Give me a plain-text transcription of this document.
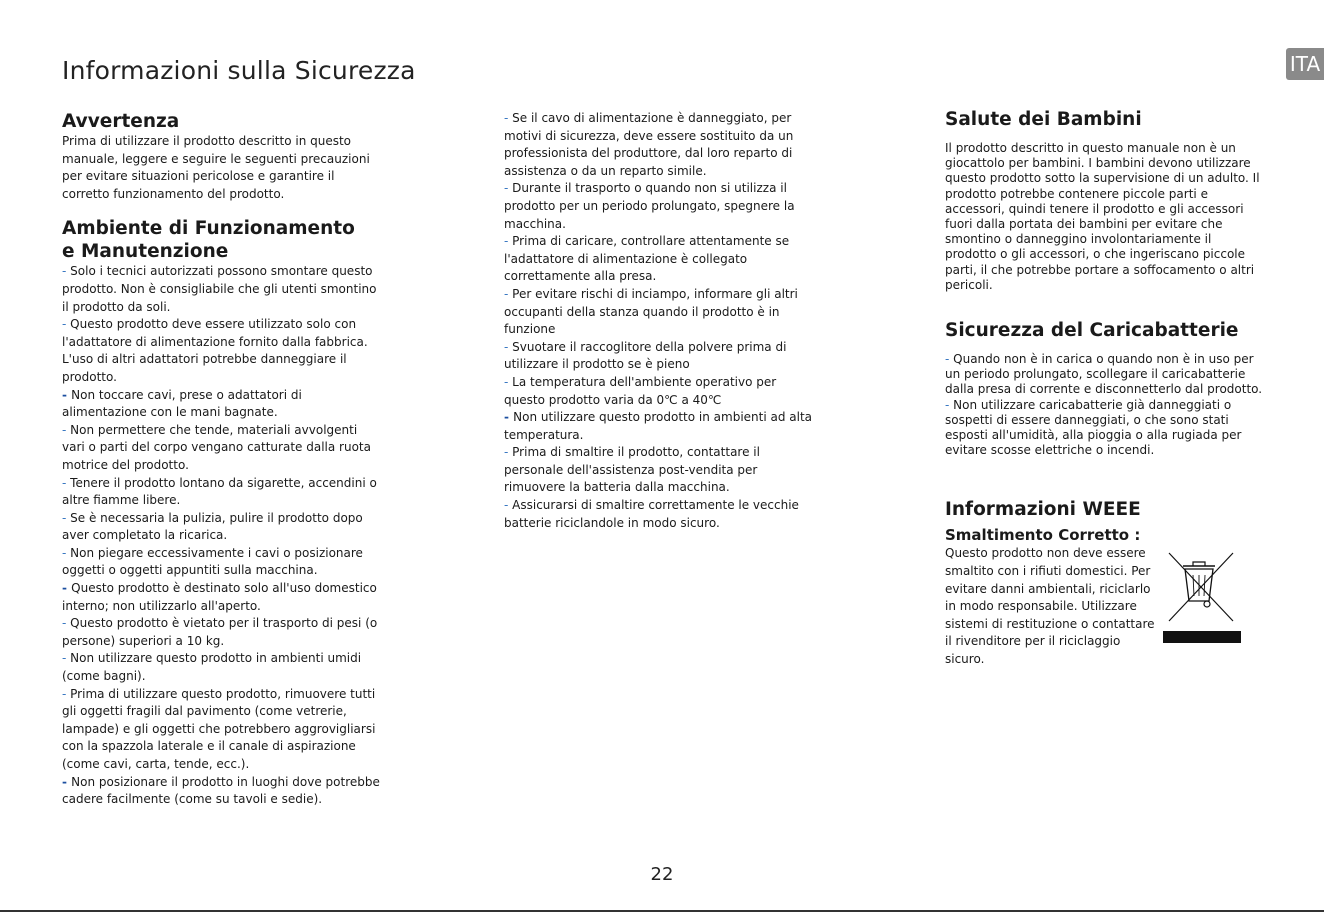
Informazioni sulla Sicurezza	ITA
Avvertenza

Prima di utilizzare il prodotto descritto in questo manuale, leggere e seguire le seguenti precauzioni per evitare situazioni pericolose e garantire il corretto funzionamento del prodotto.

Ambiente di Funzionamento
e Manutenzione
- Solo i tecnici autorizzati possono smontare questo prodotto. Non è consigliabile che gli utenti smontino il prodotto da soli.
- Questo prodotto deve essere utilizzato solo con l'adattatore di alimentazione fornito dalla fabbrica. L'uso di altri adattatori potrebbe danneggiare il prodotto.
- Non toccare cavi, prese o adattatori di alimentazione con le mani bagnate.
- Non permettere che tende, materiali avvolgenti vari o parti del corpo vengano catturate dalla ruota motrice del prodotto.
- Tenere il prodotto lontano da sigarette, accendini o altre fiamme libere.
- Se è necessaria la pulizia, pulire il prodotto dopo aver completato la ricarica.
- Non piegare eccessivamente i cavi o posizionare oggetti o oggetti appuntiti sulla macchina.
- Questo prodotto è destinato solo all'uso domestico interno; non utilizzarlo all'aperto.
- Questo prodotto è vietato per il trasporto di pesi (o persone) superiori a 10 kg.
- Non utilizzare questo prodotto in ambienti umidi (come bagni).
- Prima di utilizzare questo prodotto, rimuovere tutti gli oggetti fragili dal pavimento (come vetrerie, lampade) e gli oggetti che potrebbero aggrovigliarsi con la spazzola laterale e il canale di aspirazione (come cavi, carta, tende, ecc.).
- Non posizionare il prodotto in luoghi dove potrebbe cadere facilmente (come su tavoli e sedie).
- Se il cavo di alimentazione è danneggiato, per motivi di sicurezza, deve essere sostituito da un professionista del produttore, dal loro reparto di assistenza o da un reparto simile.
- Durante il trasporto o quando non si utilizza il prodotto per un periodo prolungato, spegnere la macchina.
- Prima di caricare, controllare attentamente se l'adattatore di alimentazione è collegato correttamente alla presa.
- Per evitare rischi di inciampo, informare gli altri occupanti della stanza quando il prodotto è in funzione
- Svuotare il raccoglitore della polvere prima di utilizzare il prodotto se è pieno
- La temperatura dell'ambiente operativo per questo prodotto varia da 0℃ a 40℃
- Non utilizzare questo prodotto in ambienti ad alta temperatura.
- Prima di smaltire il prodotto, contattare il personale dell'assistenza post-vendita per rimuovere la batteria dalla macchina.
- Assicurarsi di smaltire correttamente le vecchie batterie riciclandole in modo sicuro.
Salute dei Bambini

Il prodotto descritto in questo manuale non è un giocattolo per bambini. I bambini devono utilizzare questo prodotto sotto la supervisione di un adulto. Il prodotto potrebbe contenere piccole parti e accessori, quindi tenere il prodotto e gli accessori fuori dalla portata dei bambini per evitare che smontino o danneggino involontariamente il prodotto o gli accessori, o che ingeriscano piccole parti, il che potrebbe portare a soffocamento o altri pericoli.

Sicurezza del Caricabatterie
- Quando non è in carica o quando non è in uso per un periodo prolungato, scollegare il caricabatterie dalla presa di corrente e disconnetterlo dal prodotto.
- Non utilizzare caricabatterie già danneggiati o sospetti di essere danneggiati, o che sono stati esposti all'umidità, alla pioggia o alla rugiada per evitare scosse elettriche o incendi.
Informazioni WEEE
Smaltimento Corretto :

Questo prodotto non deve essere smaltito con i rifiuti domestici. Per evitare danni ambientali, riciclarlo in modo responsabile. Utilizzare sistemi di restituzione o contattare il rivenditore per il riciclaggio sicuro.

22
